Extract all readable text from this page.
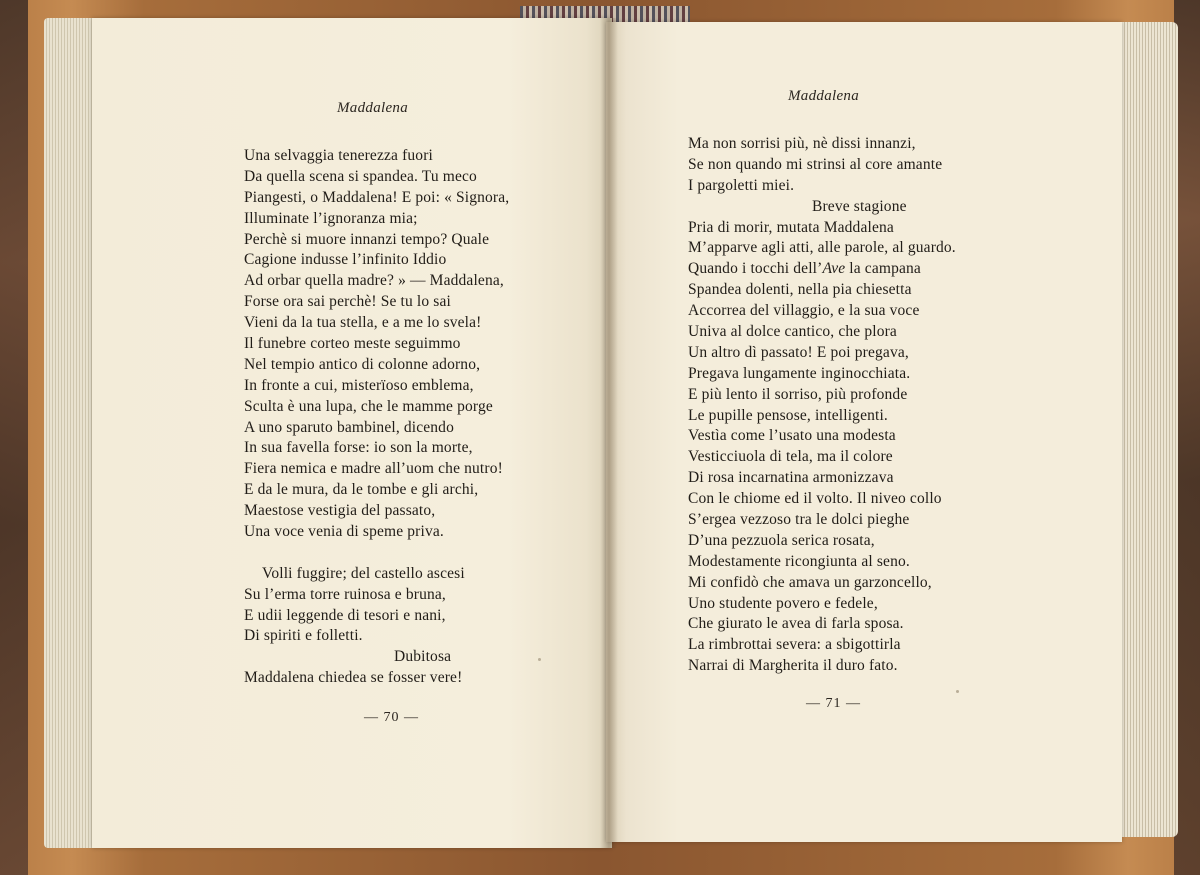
Maddalena
Una selvaggia tenerezza fuori
Da quella scena si spandea. Tu meco
Piangesti, o Maddalena! E poi: « Signora,
Illuminate l’ignoranza mia;
Perchè si muore innanzi tempo? Quale
Cagione indusse l’infinito Iddio
Ad orbar quella madre? » — Maddalena,
Forse ora sai perchè! Se tu lo sai
Vieni da la tua stella, e a me lo svela!
Il funebre corteo meste seguimmo
Nel tempio antico di colonne adorno,
In fronte a cui, misterïoso emblema,
Sculta è una lupa, che le mamme porge
A uno sparuto bambinel, dicendo
In sua favella forse: io son la morte,
Fiera nemica e madre all’uom che nutro!
E da le mura, da le tombe e gli archi,
Maestose vestigia del passato,
Una voce venia di speme priva.
Volli fuggire; del castello ascesi
Su l’erma torre ruinosa e bruna,
E udii leggende di tesori e nani,
Di spiriti e folletti.
Dubitosa
Maddalena chiedea se fosser vere!
— 70 —
Maddalena
Ma non sorrisi più, nè dissi innanzi,
Se non quando mi strinsi al core amante
I pargoletti miei.
Breve stagione
Pria di morir, mutata Maddalena
M’apparve agli atti, alle parole, al guardo.
Quando i tocchi dell’Ave la campana
Spandea dolenti, nella pia chiesetta
Accorrea del villaggio, e la sua voce
Univa al dolce cantico, che plora
Un altro dì passato! E poi pregava,
Pregava lungamente inginocchiata.
E più lento il sorriso, più profonde
Le pupille pensose, intelligenti.
Vestìa come l’usato una modesta
Vesticciuola di tela, ma il colore
Di rosa incarnatina armonizzava
Con le chiome ed il volto. Il niveo collo
S’ergea vezzoso tra le dolci pieghe
D’una pezzuola serica rosata,
Modestamente ricongiunta al seno.
Mi confidò che amava un garzoncello,
Uno studente povero e fedele,
Che giurato le avea di farla sposa.
La rimbrottai severa: a sbigottirla
Narrai di Margherita il duro fato.
— 71 —
